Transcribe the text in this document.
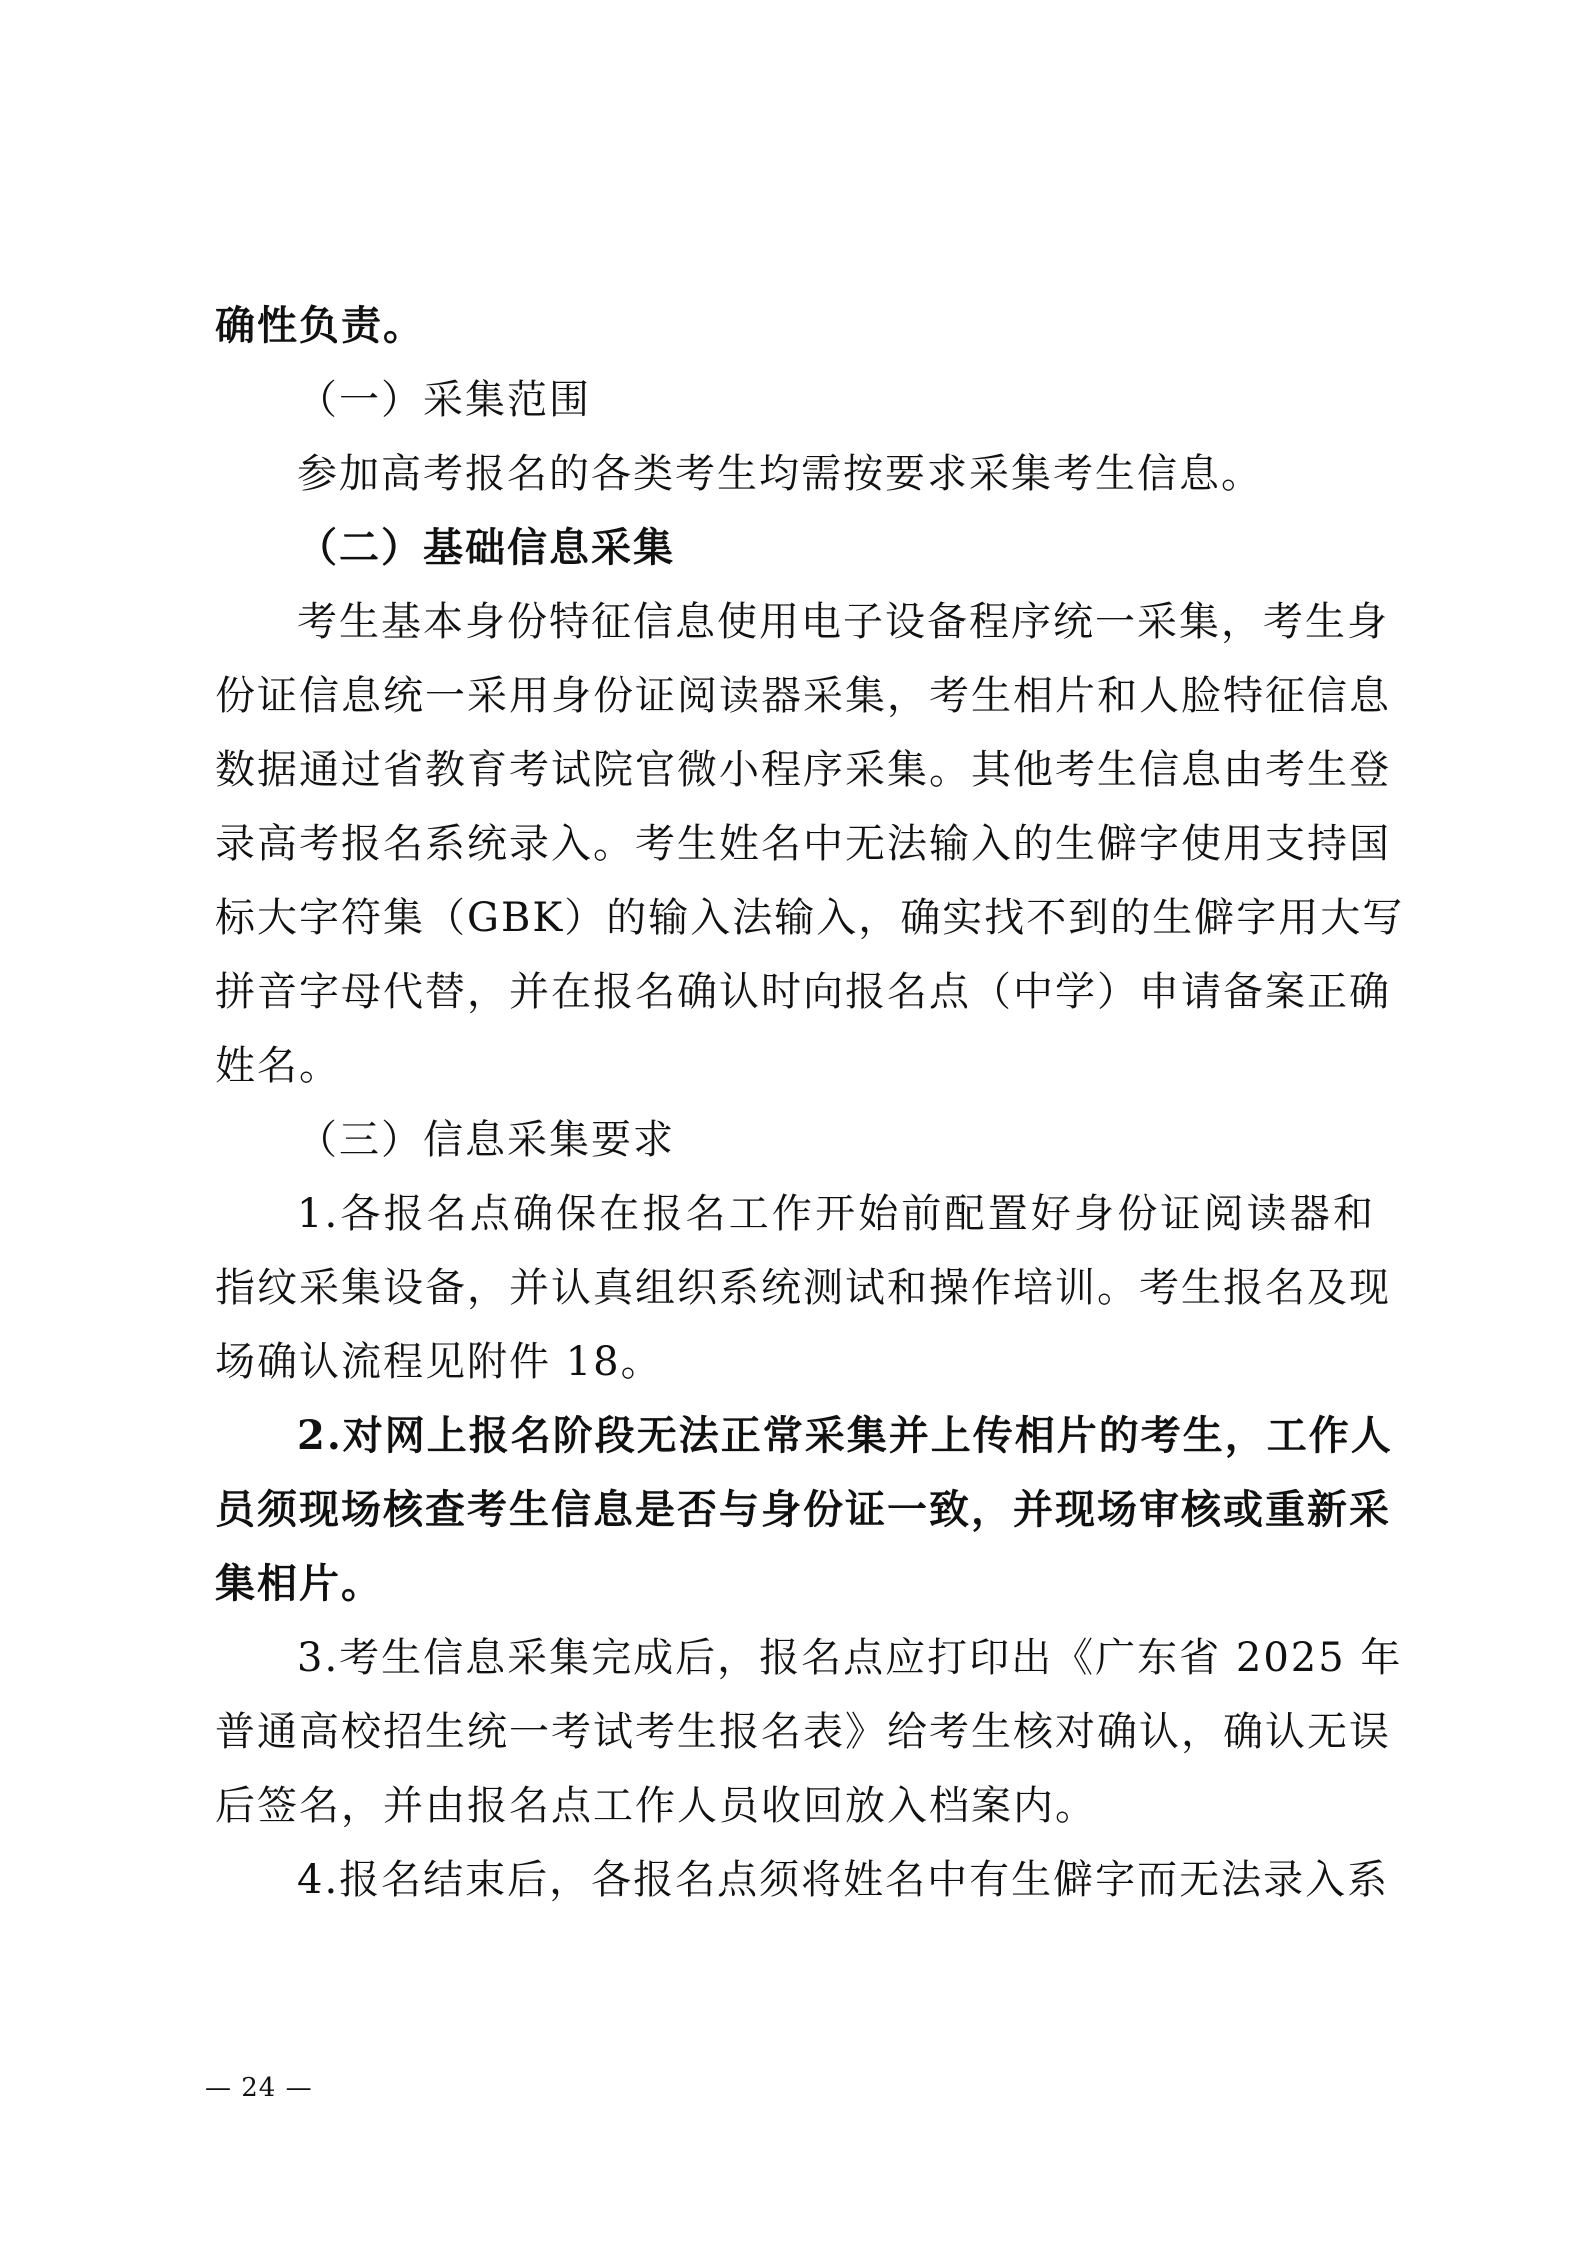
确性负责。
（一）采集范围
参加高考报名的各类考生均需按要求采集考生信息。
（二）基础信息采集
考生基本身份特征信息使用电子设备程序统一采集，考生身
份证信息统一采用身份证阅读器采集，考生相片和人脸特征信息
数据通过省教育考试院官微小程序采集。其他考生信息由考生登
录高考报名系统录入。考生姓名中无法输入的生僻字使用支持国
标大字符集（GBK）的输入法输入，确实找不到的生僻字用大写
拼音字母代替，并在报名确认时向报名点（中学）申请备案正确
姓名。
（三）信息采集要求
1.各报名点确保在报名工作开始前配置好身份证阅读器和
指纹采集设备，并认真组织系统测试和操作培训。考生报名及现
场确认流程见附件 18。
2.对网上报名阶段无法正常采集并上传相片的考生，工作人
员须现场核查考生信息是否与身份证一致，并现场审核或重新采
集相片。
3.考生信息采集完成后，报名点应打印出《广东省 2025 年
普通高校招生统一考试考生报名表》给考生核对确认，确认无误
后签名，并由报名点工作人员收回放入档案内。
4.报名结束后，各报名点须将姓名中有生僻字而无法录入系
— 24 —
